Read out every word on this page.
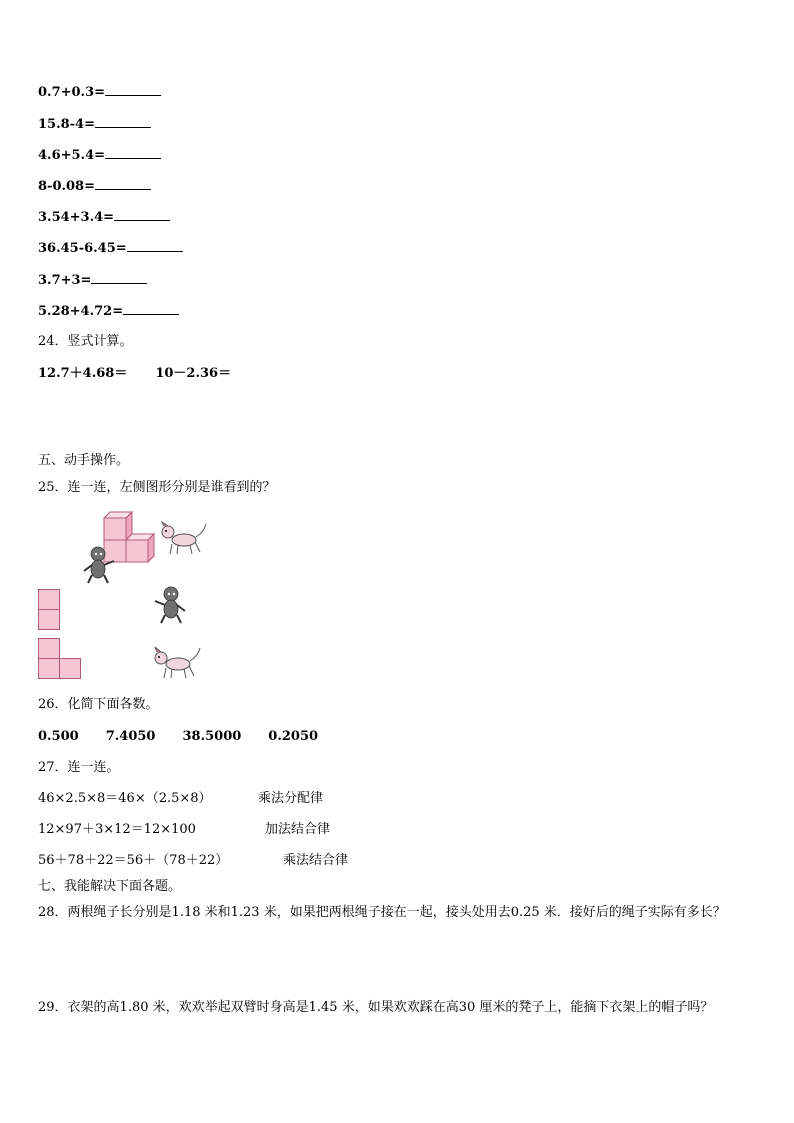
0.7+0.3=
15.8-4=
4.6+5.4=
8-0.08=
3.54+3.4=
36.45-6.45=
3.7+3=
5.28+4.72=
24．竖式计算。
12.7＋4.68＝ 10－2.36＝
五、动手操作。
25．连一连，左侧图形分别是谁看到的？
26．化简下面各数。
0.500 7.4050 38.5000 0.2050
27．连一连。
46×2.5×8＝46×（2.5×8）	乘法分配律
12×97＋3×12＝12×100	加法结合律
56＋78＋22＝56＋（78＋22）	乘法结合律
七、我能解决下面各题。
28．两根绳子长分别是1.18 米和1.23 米，如果把两根绳子接在一起，接头处用去0.25 米．接好后的绳子实际有多长？
29．衣架的高1.80 米，欢欢举起双臂时身高是1.45 米，如果欢欢踩在高30 厘米的凳子上，能摘下衣架上的帽子吗？
